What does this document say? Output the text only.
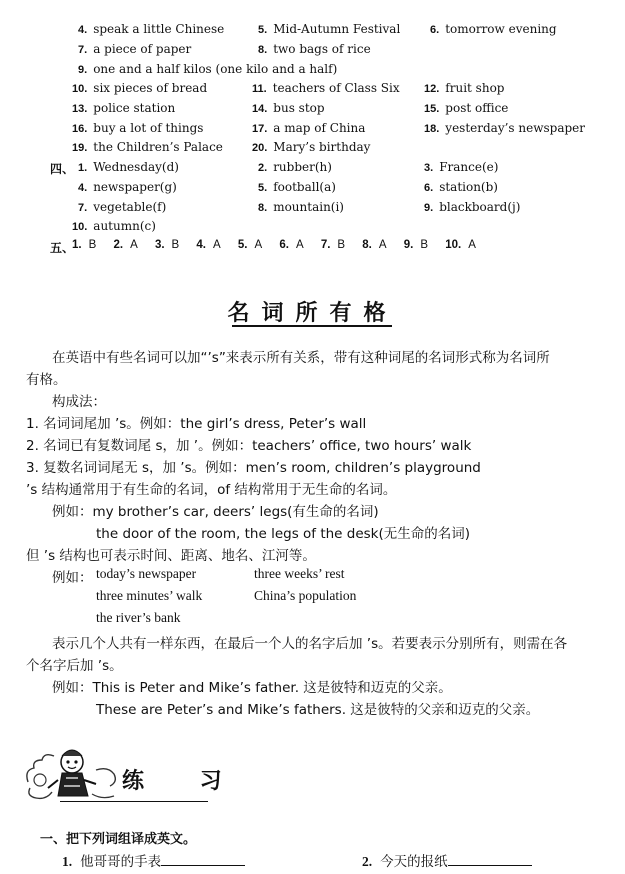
4. speak a little Chinese	5. Mid-Autumn Festival	6. tomorrow evening
7. a piece of paper	8. two bags of rice
9. one and a half kilos (one kilo and a half)
10. six pieces of bread	11. teachers of Class Six 12. fruit shop
13. police station	14. bus stop	15. post office
16. buy a lot of things	17. a map of China	18. yesterday’s newspaper
19. the Children’s Palace	20. Mary’s birthday
四、 1. Wednesday(d)	2. rubber(h)	3. France(e)
4. newspaper(g)	5. football(a)	6. station(b)
7. vegetable(f)	8. mountain(i)	9. blackboard(j)
10. autumn(c)
五、
1. B 2. A 3. B 4. A 5. A 6. A 7. B 8. A 9. B 10. A
名词所有格
在英语中有些名词可以加“’s”来表示所有关系，带有这种词尾的名词形式称为名词所
有格。
构成法：
1. 名词词尾加 ’s。例如：the girl’s dress, Peter’s wall
2. 名词已有复数词尾 s，加 ’。例如：teachers’ office, two hours’ walk
3. 复数名词词尾无 s，加 ’s。例如：men’s room, children’s playground
’s 结构通常用于有生命的名词，of 结构常用于无生命的名词。
例如：my brother’s car, deers’ legs(有生命的名词)
the door of the room, the legs of the desk(无生命的名词)
但 ’s 结构也可表示时间、距离、地名、江河等。
例如： today’s newspaper	three weeks’ rest
three minutes’ walk	China’s population
the river’s bank
表示几个人共有一样东西，在最后一个人的名字后加 ’s。若要表示分别所有，则需在各
个名字后加 ’s。
例如：This is Peter and Mike’s father. 这是彼特和迈克的父亲。
These are Peter’s and Mike’s fathers. 这是彼特的父亲和迈克的父亲。
练 习
一、把下列词组译成英文。
1. 他哥哥的手表	2. 今天的报纸
